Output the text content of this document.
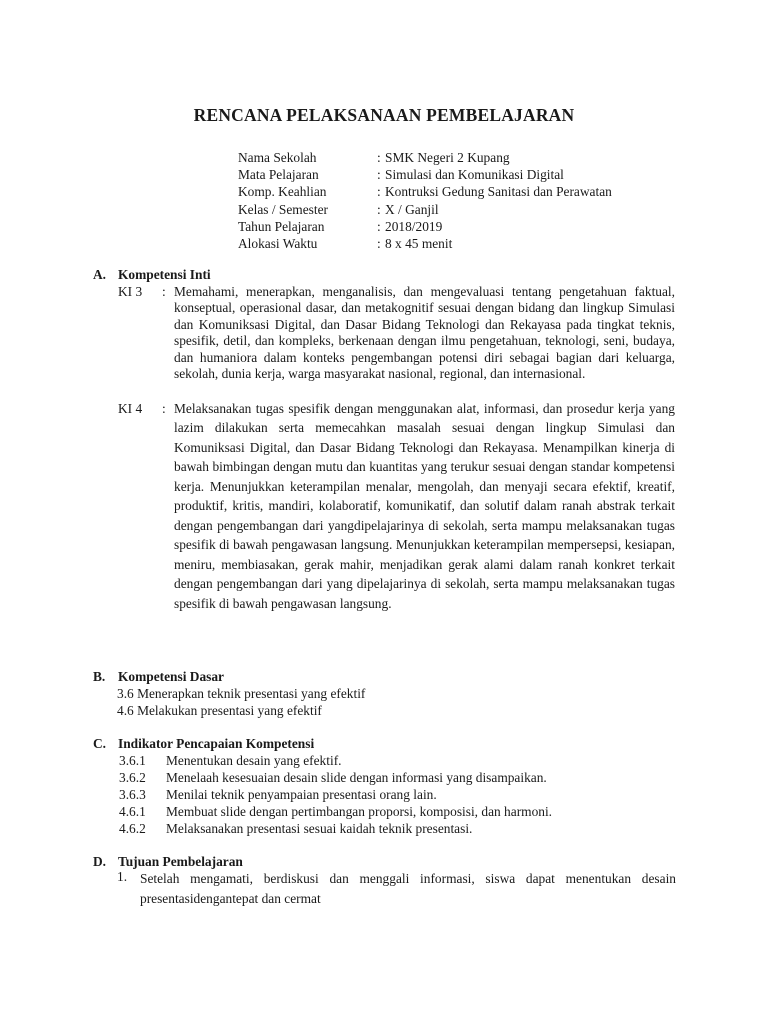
RENCANA PELAKSANAAN PEMBELAJARAN
Nama Sekolah	: SMK Negeri 2 Kupang
Mata Pelajaran	: Simulasi dan Komunikasi Digital
Komp. Keahlian	: Kontruksi Gedung Sanitasi dan Perawatan
Kelas / Semester	: X / Ganjil
Tahun Pelajaran	: 2018/2019
Alokasi Waktu	: 8 x 45 menit
A. Kompetensi Inti
KI 3	: Memahami, menerapkan, menganalisis, dan mengevaluasi tentang pengetahuan faktual, konseptual, operasional dasar, dan metakognitif sesuai dengan bidang dan lingkup Simulasi dan Komuniksasi Digital, dan Dasar Bidang Teknologi dan Rekayasa pada tingkat teknis, spesifik, detil, dan kompleks, berkenaan dengan ilmu pengetahuan, teknologi, seni, budaya, dan humaniora dalam konteks pengembangan potensi diri sebagai bagian dari keluarga, sekolah, dunia kerja, warga masyarakat nasional, regional, dan internasional.
KI 4	: Melaksanakan tugas spesifik dengan menggunakan alat, informasi, dan prosedur kerja yang lazim dilakukan serta memecahkan masalah sesuai dengan lingkup Simulasi dan Komuniksasi Digital, dan Dasar Bidang Teknologi dan Rekayasa. Menampilkan kinerja di bawah bimbingan dengan mutu dan kuantitas yang terukur sesuai dengan standar kompetensi kerja. Menunjukkan keterampilan menalar, mengolah, dan menyaji secara efektif, kreatif, produktif, kritis, mandiri, kolaboratif, komunikatif, dan solutif dalam ranah abstrak terkait dengan pengembangan dari yangdipelajarinya di sekolah, serta mampu melaksanakan tugas spesifik di bawah pengawasan langsung. Menunjukkan keterampilan mempersepsi, kesiapan, meniru, membiasakan, gerak mahir, menjadikan gerak alami dalam ranah konkret terkait dengan pengembangan dari yang dipelajarinya di sekolah, serta mampu melaksanakan tugas spesifik di bawah pengawasan langsung.
B. Kompetensi Dasar
3.6 Menerapkan teknik presentasi yang efektif
4.6 Melakukan presentasi yang efektif
C. Indikator Pencapaian Kompetensi
3.6.1	Menentukan desain yang efektif.
3.6.2	Menelaah kesesuaian desain slide dengan informasi yang disampaikan.
3.6.3	Menilai teknik penyampaian presentasi orang lain.
4.6.1	Membuat slide dengan pertimbangan proporsi, komposisi, dan harmoni.
4.6.2	Melaksanakan presentasi sesuai kaidah teknik presentasi.
D. Tujuan Pembelajaran
1. Setelah mengamati, berdiskusi dan menggali informasi, siswa dapat menentukan desain presentasidengantepat dan cermat
